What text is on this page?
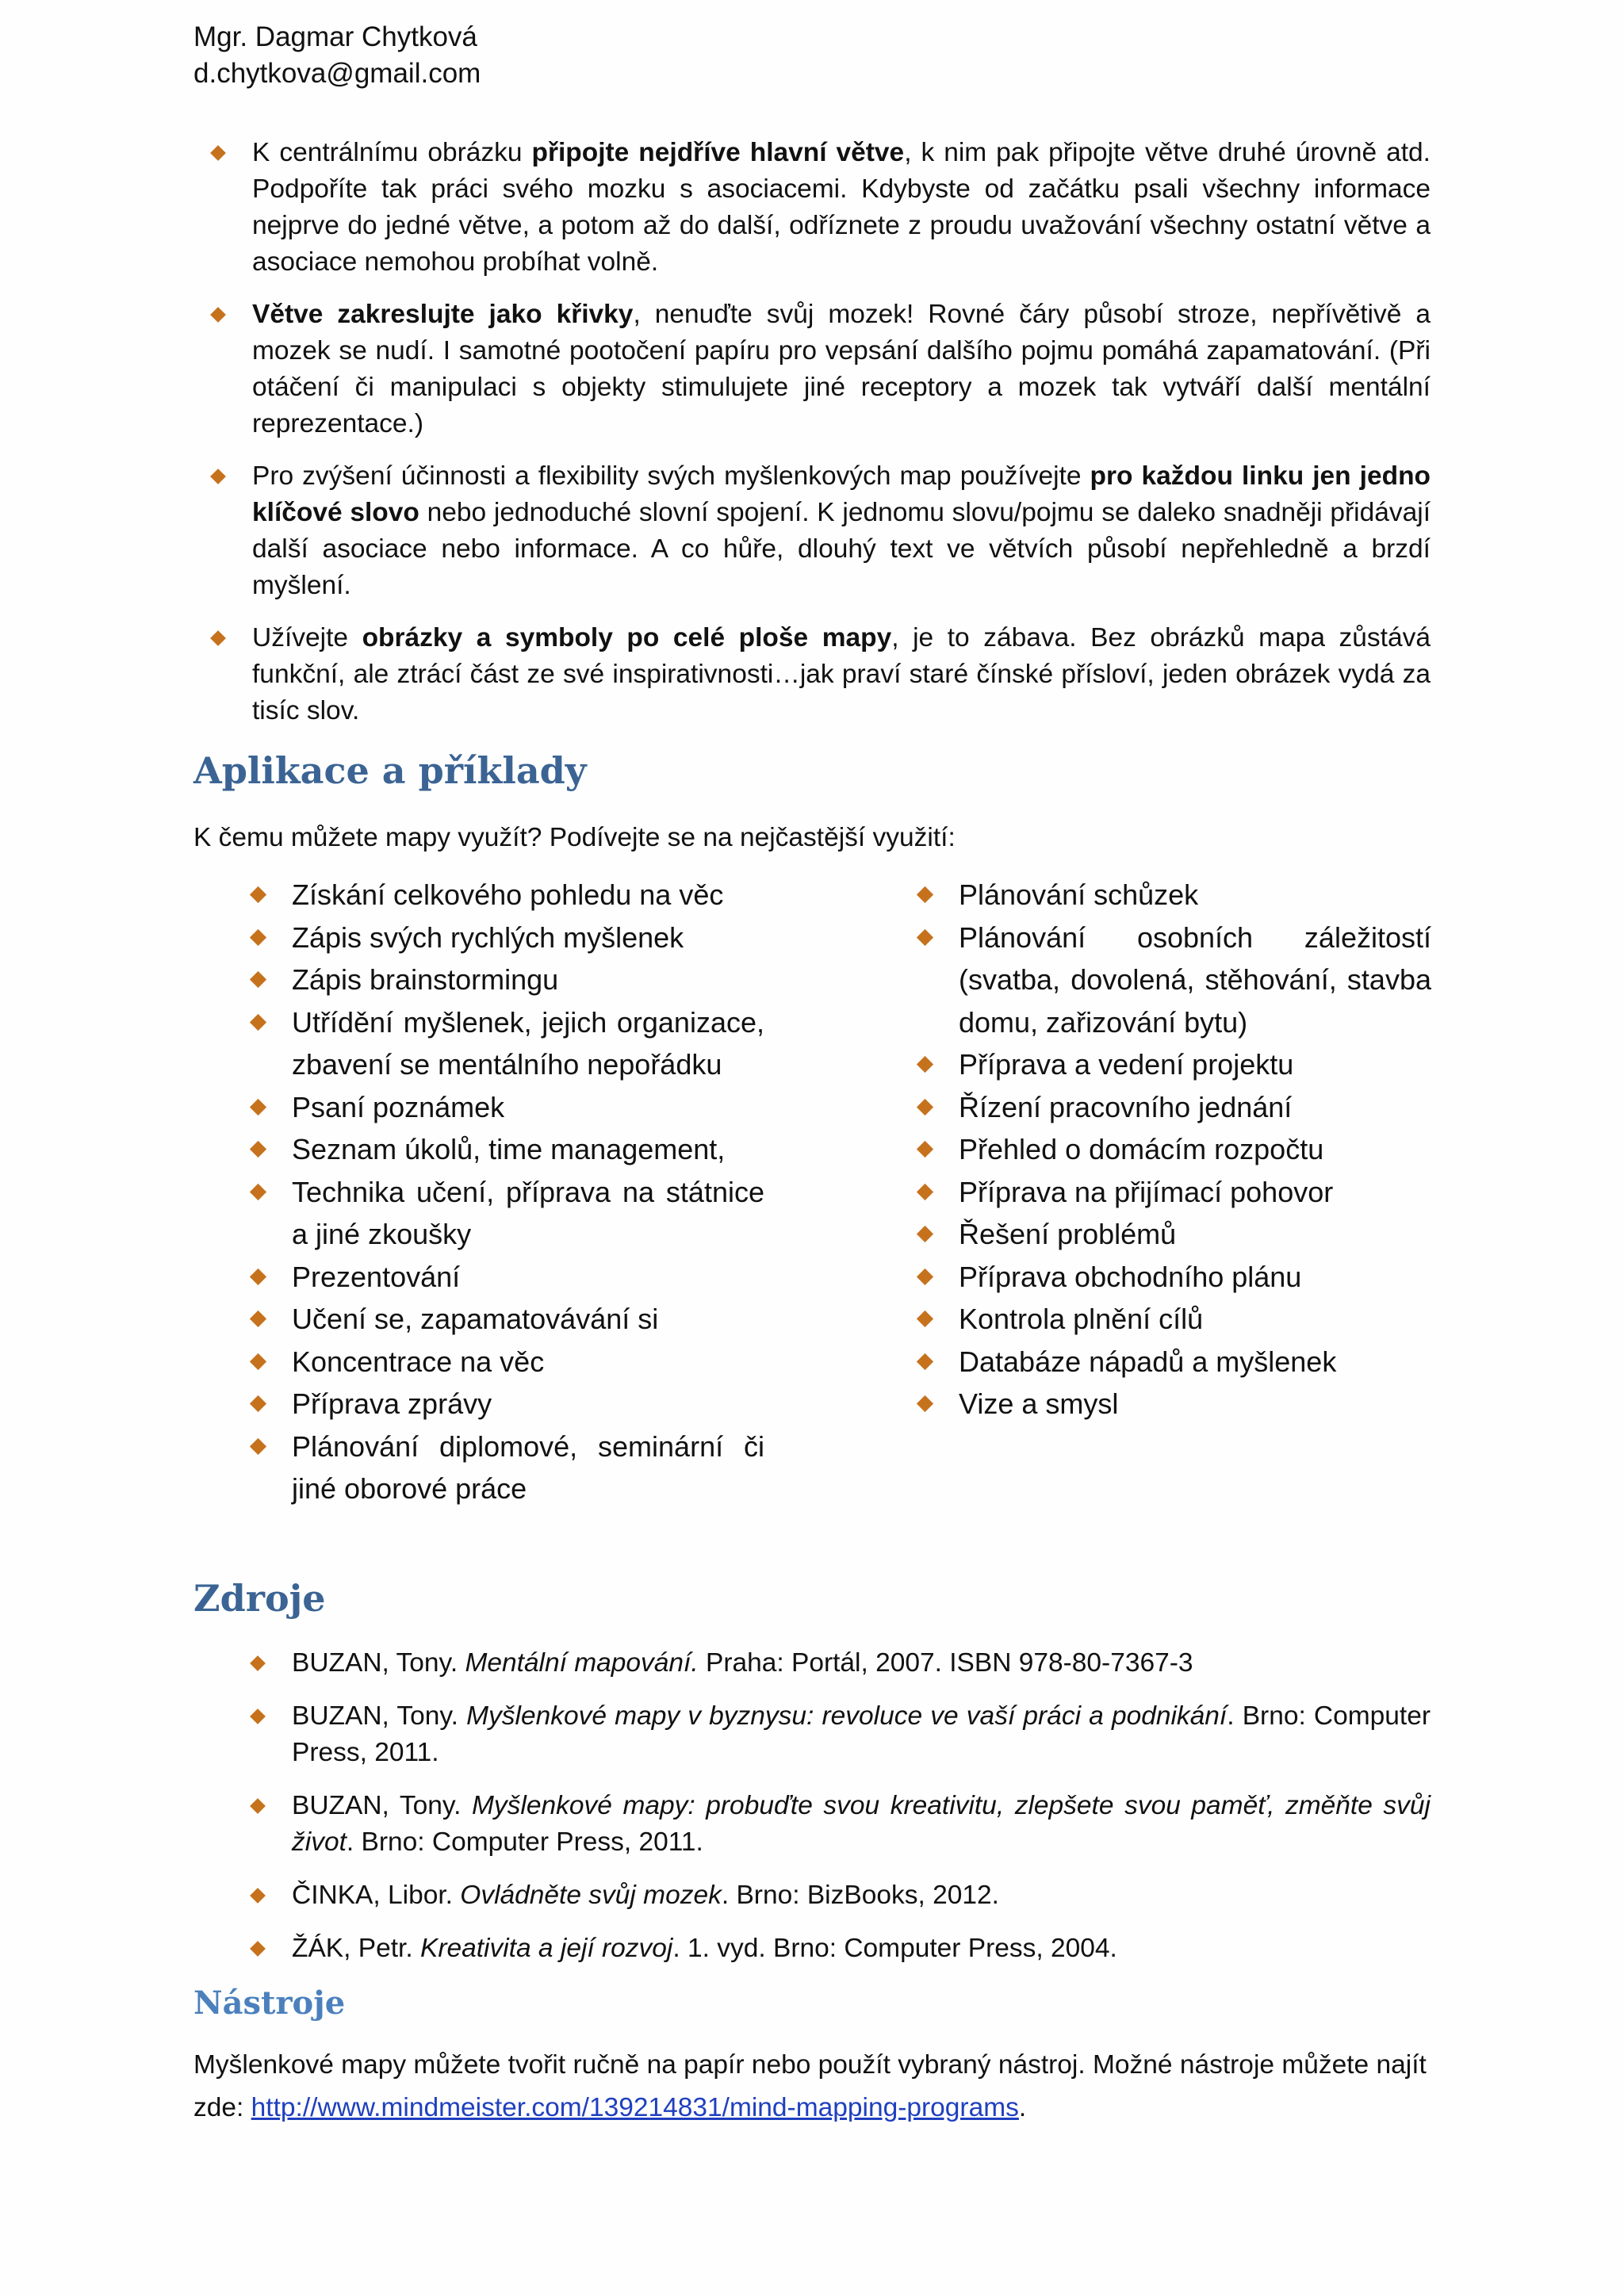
Mgr. Dagmar Chytková
d.chytkova@gmail.com
K centrálnímu obrázku připojte nejdříve hlavní větve, k nim pak připojte větve druhé úrovně atd. Podpoříte tak práci svého mozku s asociacemi. Kdybyste od začátku psali všechny informace nejprve do jedné větve, a potom až do další, odříznete z proudu uvažování všechny ostatní větve a asociace nemohou probíhat volně.
Větve zakreslujte jako křivky, nenuďte svůj mozek! Rovné čáry působí stroze, nepřívětivě a mozek se nudí. I samotné pootočení papíru pro vepsání dalšího pojmu pomáhá zapamatování. (Při otáčení či manipulaci s objekty stimulujete jiné receptory a mozek tak vytváří další mentální reprezentace.)
Pro zvýšení účinnosti a flexibility svých myšlenkových map používejte pro každou linku jen jedno klíčové slovo nebo jednoduché slovní spojení. K jednomu slovu/pojmu se daleko snadněji přidávají další asociace nebo informace. A co hůře, dlouhý text ve větvích působí nepřehledně a brzdí myšlení.
Užívejte obrázky a symboly po celé ploše mapy, je to zábava. Bez obrázků mapa zůstává funkční, ale ztrácí část ze své inspirativnosti…jak praví staré čínské přísloví, jeden obrázek vydá za tisíc slov.
Aplikace a příklady
K čemu můžete mapy využít? Podívejte se na nejčastější využití:
Získání celkového pohledu na věc
Zápis svých rychlých myšlenek
Zápis brainstormingu
Utřídění myšlenek, jejich organizace, zbavení se mentálního nepořádku
Psaní poznámek
Seznam úkolů, time management,
Technika učení, příprava na státnice a jiné zkoušky
Prezentování
Učení se, zapamatovávání si
Koncentrace na věc
Příprava zprávy
Plánování diplomové, seminární či jiné oborové práce
Plánování schůzek
Plánování osobních záležitostí (svatba, dovolená, stěhování, stavba domu, zařizování bytu)
Příprava a vedení projektu
Řízení pracovního jednání
Přehled o domácím rozpočtu
Příprava na přijímací pohovor
Řešení problémů
Příprava obchodního plánu
Kontrola plnění cílů
Databáze nápadů a myšlenek
Vize a smysl
Zdroje
BUZAN, Tony. Mentální mapování. Praha: Portál, 2007. ISBN 978-80-7367-3
BUZAN, Tony. Myšlenkové mapy v byznysu: revoluce ve vaší práci a podnikání. Brno: Computer Press, 2011.
BUZAN, Tony. Myšlenkové mapy: probuďte svou kreativitu, zlepšete svou paměť, změňte svůj život. Brno: Computer Press, 2011.
ČINKA, Libor. Ovládněte svůj mozek. Brno: BizBooks, 2012.
ŽÁK, Petr. Kreativita a její rozvoj. 1. vyd. Brno: Computer Press, 2004.
Nástroje
Myšlenkové mapy můžete tvořit ručně na papír nebo použít vybraný nástroj. Možné nástroje můžete najít zde: http://www.mindmeister.com/139214831/mind-mapping-programs.
